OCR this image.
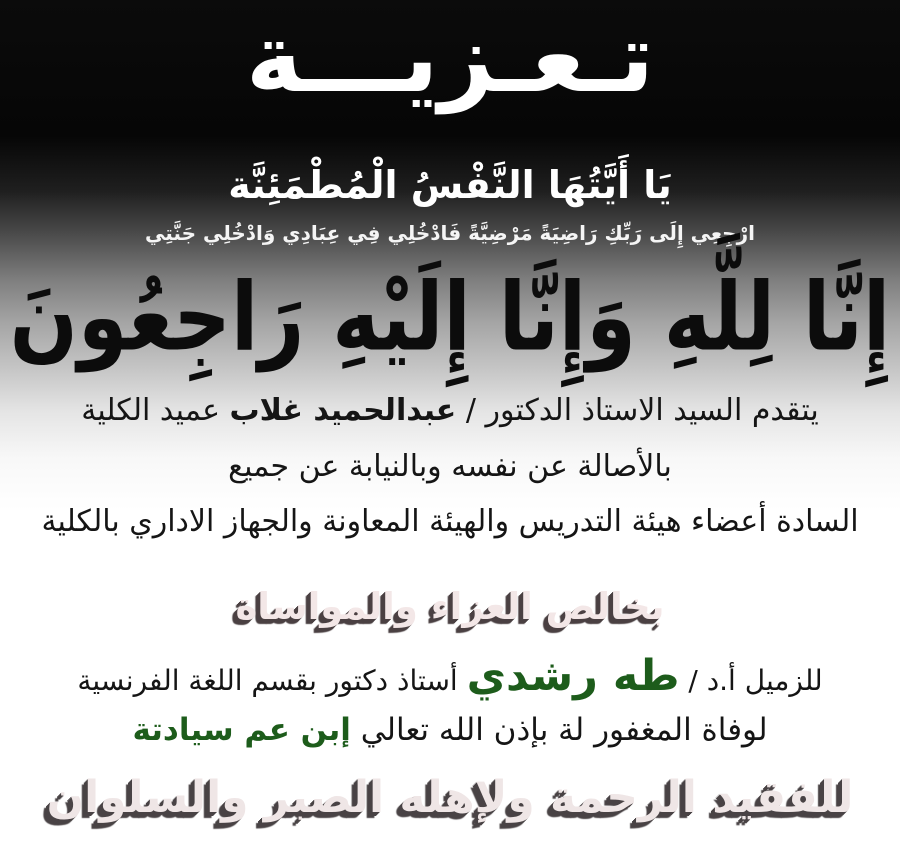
تـعـزيـــة
يَا أَيَّتُهَا النَّفْسُ الْمُطْمَئِنَّة
ارْجِعِي إِلَى رَبِّكِ رَاضِيَةً مَرْضِيَّةً فَادْخُلِي فِي عِبَادِي وَادْخُلِي جَنَّتِي
إِنَّا لِلَّهِ وَإِنَّا إِلَيْهِ رَاجِعُونَ
يتقدم السيد الاستاذ الدكتور / عبدالحميد غلاب عميد الكلية
بالأصالة عن نفسه وبالنيابة عن جميع
السادة أعضاء هيئة التدريس والهيئة المعاونة والجهاز الاداري بالكلية
بخالص العزاء والمواساة
للزميل أ.د / طه رشدي أستاذ دكتور بقسم اللغة الفرنسية
لوفاة المغفور لة بإذن الله تعالي إبن عم سيادتة
للفقيد الرحمة ولإهله الصبر والسلوان
